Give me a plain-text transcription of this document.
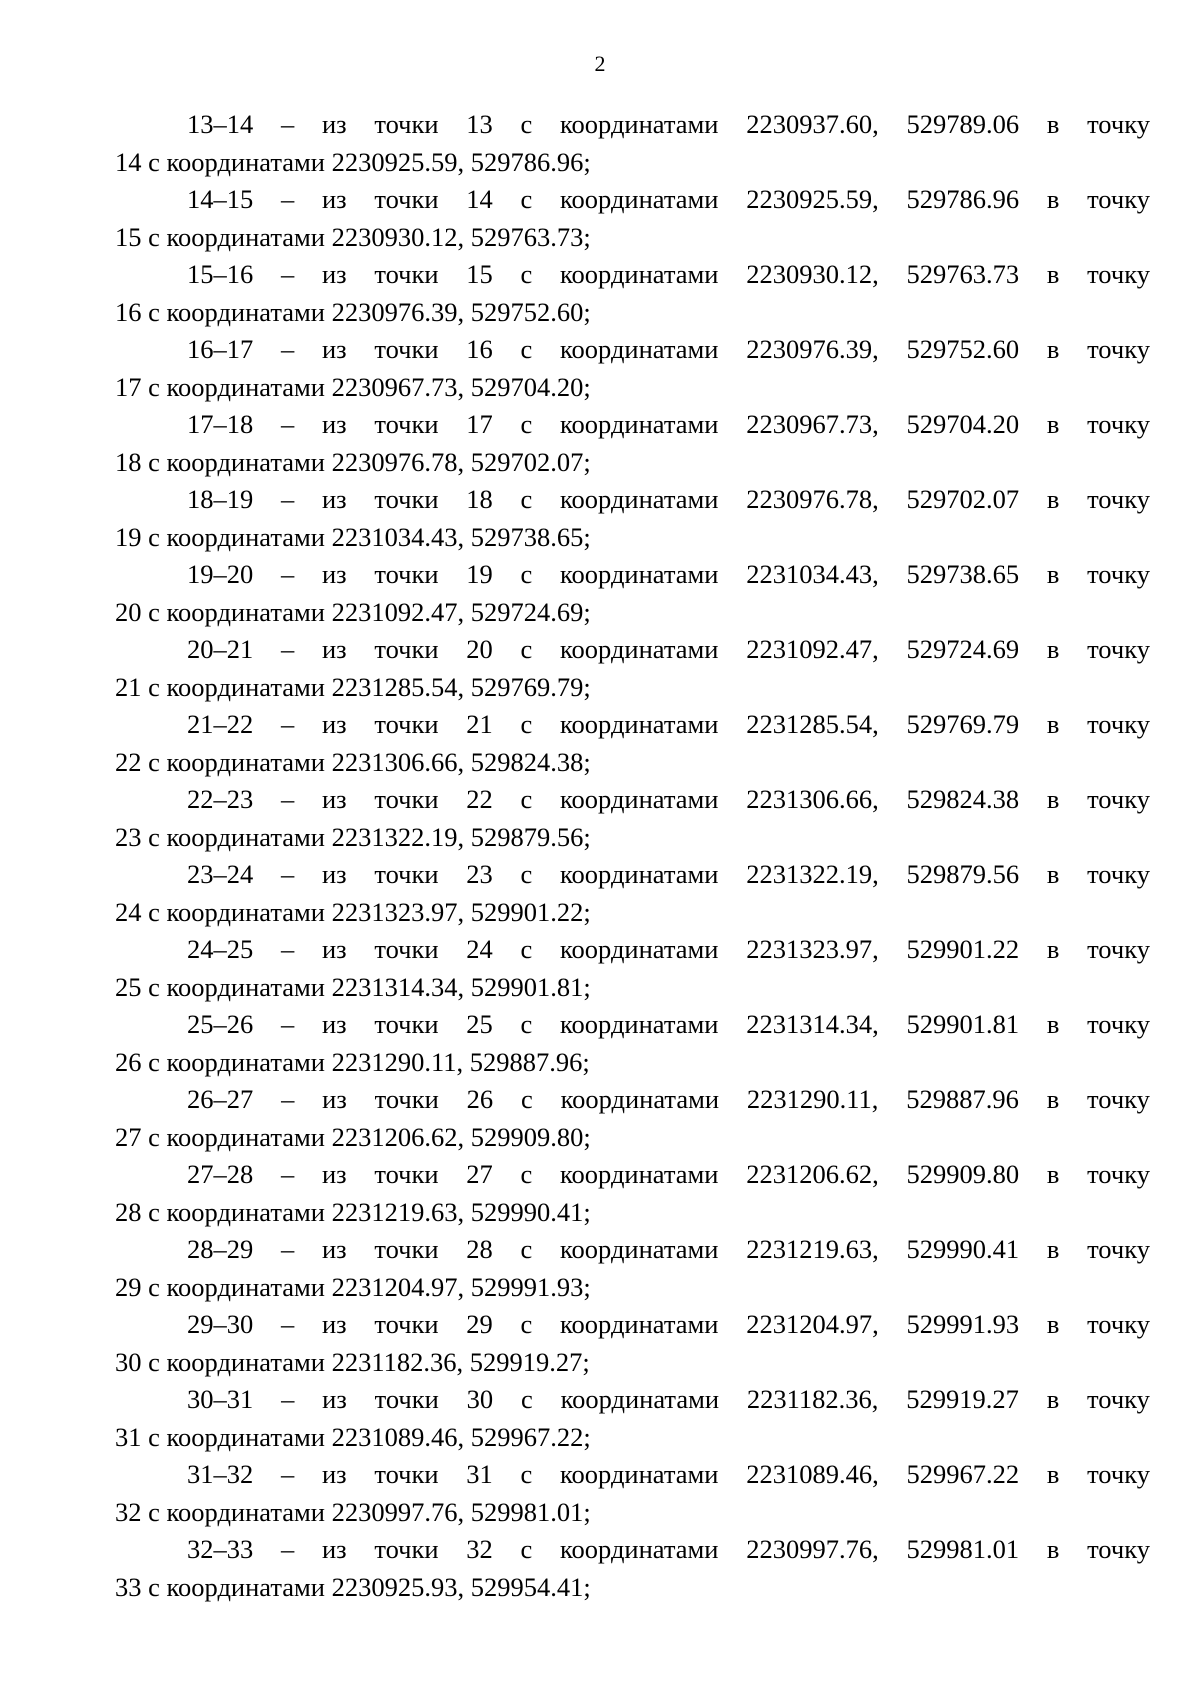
2
13–14 – из точки 13 с координатами 2230937.60, 529789.06 в точку
14 с координатами 2230925.59, 529786.96;
14–15 – из точки 14 с координатами 2230925.59, 529786.96 в точку
15 с координатами 2230930.12, 529763.73;
15–16 – из точки 15 с координатами 2230930.12, 529763.73 в точку
16 с координатами 2230976.39, 529752.60;
16–17 – из точки 16 с координатами 2230976.39, 529752.60 в точку
17 с координатами 2230967.73, 529704.20;
17–18 – из точки 17 с координатами 2230967.73, 529704.20 в точку
18 с координатами 2230976.78, 529702.07;
18–19 – из точки 18 с координатами 2230976.78, 529702.07 в точку
19 с координатами 2231034.43, 529738.65;
19–20 – из точки 19 с координатами 2231034.43, 529738.65 в точку
20 с координатами 2231092.47, 529724.69;
20–21 – из точки 20 с координатами 2231092.47, 529724.69 в точку
21 с координатами 2231285.54, 529769.79;
21–22 – из точки 21 с координатами 2231285.54, 529769.79 в точку
22 с координатами 2231306.66, 529824.38;
22–23 – из точки 22 с координатами 2231306.66, 529824.38 в точку
23 с координатами 2231322.19, 529879.56;
23–24 – из точки 23 с координатами 2231322.19, 529879.56 в точку
24 с координатами 2231323.97, 529901.22;
24–25 – из точки 24 с координатами 2231323.97, 529901.22 в точку
25 с координатами 2231314.34, 529901.81;
25–26 – из точки 25 с координатами 2231314.34, 529901.81 в точку
26 с координатами 2231290.11, 529887.96;
26–27 – из точки 26 с координатами 2231290.11, 529887.96 в точку
27 с координатами 2231206.62, 529909.80;
27–28 – из точки 27 с координатами 2231206.62, 529909.80 в точку
28 с координатами 2231219.63, 529990.41;
28–29 – из точки 28 с координатами 2231219.63, 529990.41 в точку
29 с координатами 2231204.97, 529991.93;
29–30 – из точки 29 с координатами 2231204.97, 529991.93 в точку
30 с координатами 2231182.36, 529919.27;
30–31 – из точки 30 с координатами 2231182.36, 529919.27 в точку
31 с координатами 2231089.46, 529967.22;
31–32 – из точки 31 с координатами 2231089.46, 529967.22 в точку
32 с координатами 2230997.76, 529981.01;
32–33 – из точки 32 с координатами 2230997.76, 529981.01 в точку
33 с координатами 2230925.93, 529954.41;
